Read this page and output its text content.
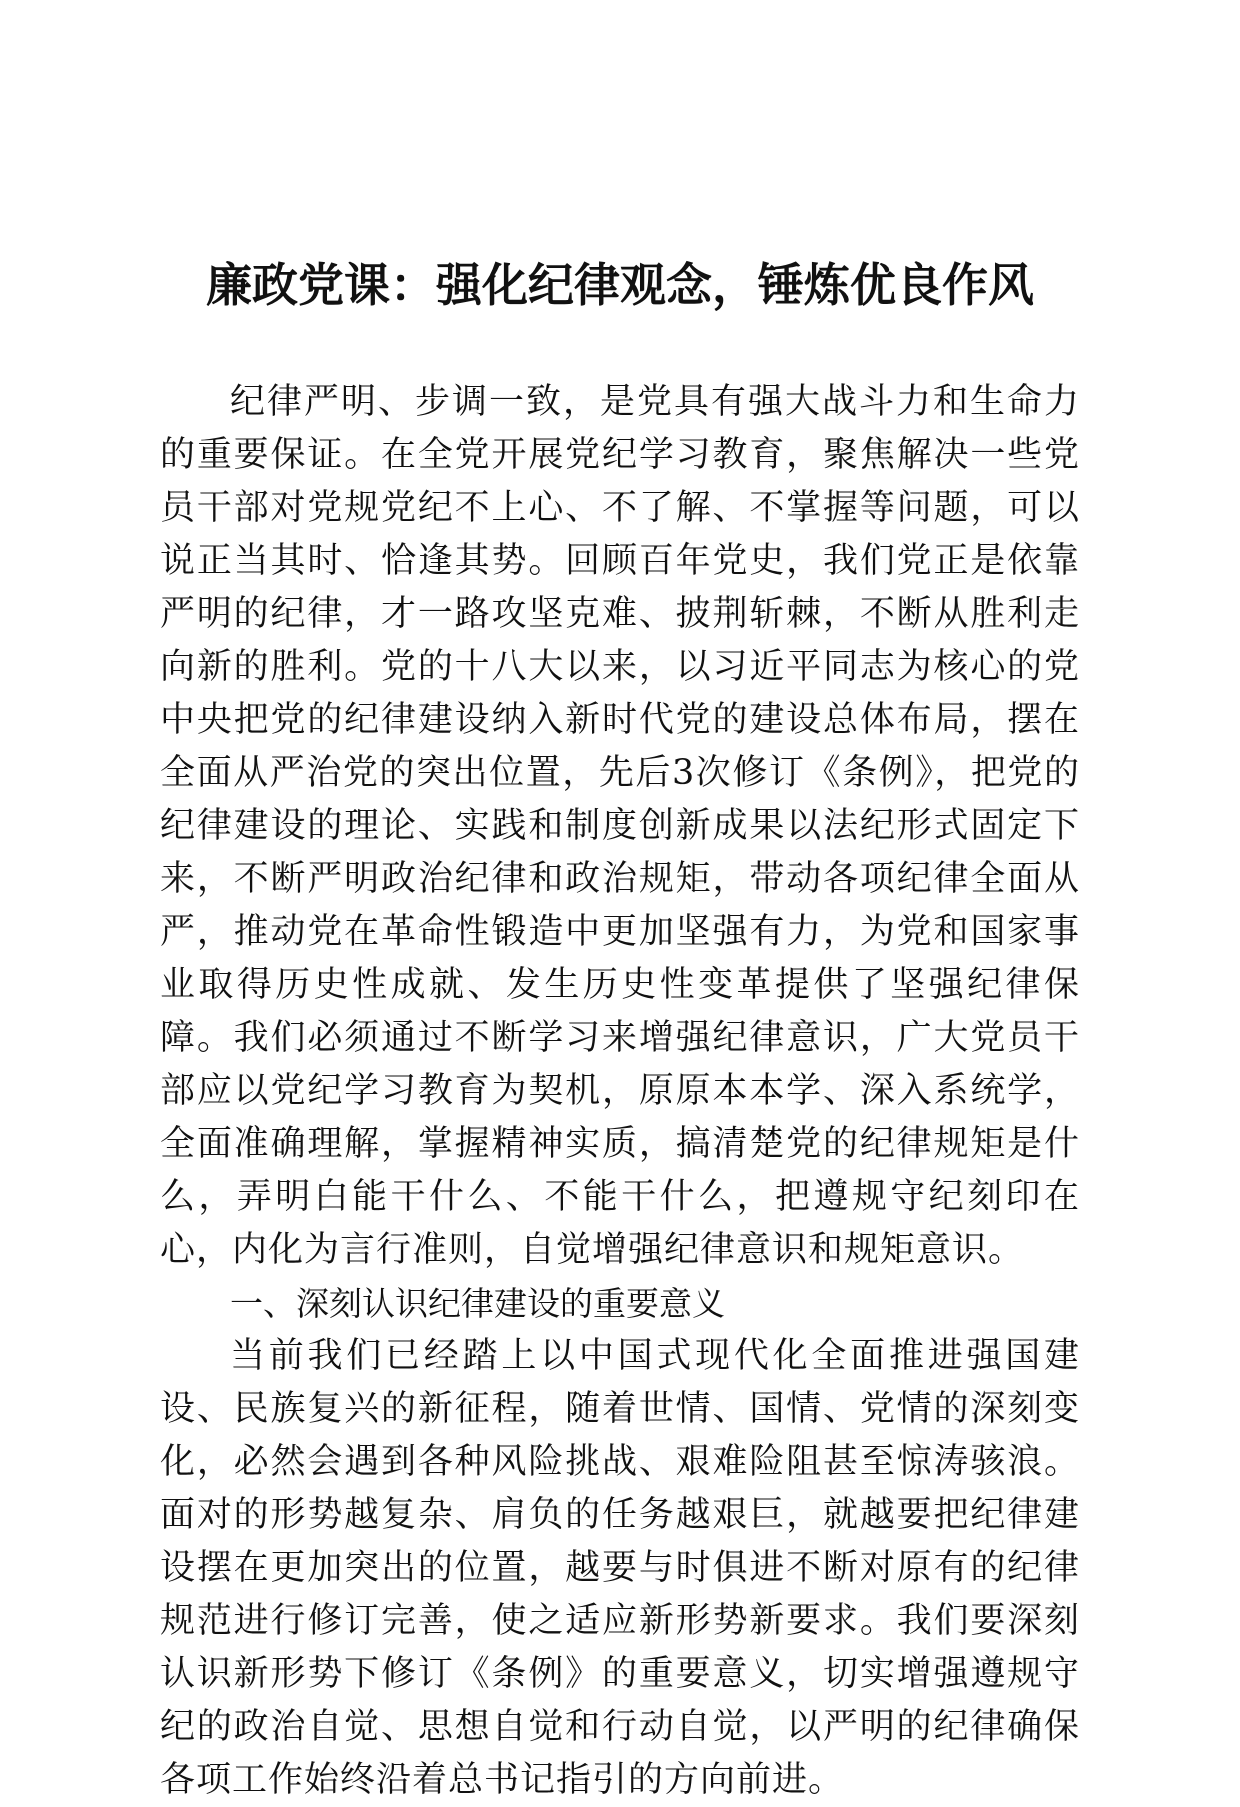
廉政党课：强化纪律观念，锤炼优良作风

纪律严明、步调一致，是党具有强大战斗力和生命力的重要保证。在全党开展党纪学习教育，聚焦解决一些党员干部对党规党纪不上心、不了解、不掌握等问题，可以说正当其时、恰逢其势。回顾百年党史，我们党正是依靠严明的纪律，才一路攻坚克难、披荆斩棘，不断从胜利走向新的胜利。党的十八大以来，以习近平同志为核心的党中央把党的纪律建设纳入新时代党的建设总体布局，摆在全面从严治党的突出位置，先后3次修订《条例》，把党的纪律建设的理论、实践和制度创新成果以法纪形式固定下来，不断严明政治纪律和政治规矩，带动各项纪律全面从严，推动党在革命性锻造中更加坚强有力，为党和国家事业取得历史性成就、发生历史性变革提供了坚强纪律保障。我们必须通过不断学习来增强纪律意识，广大党员干部应以党纪学习教育为契机，原原本本学、深入系统学，全面准确理解，掌握精神实质，搞清楚党的纪律规矩是什么，弄明白能干什么、不能干什么，把遵规守纪刻印在心，内化为言行准则，自觉增强纪律意识和规矩意识。

一、深刻认识纪律建设的重要意义

当前我们已经踏上以中国式现代化全面推进强国建设、民族复兴的新征程，随着世情、国情、党情的深刻变化，必然会遇到各种风险挑战、艰难险阻甚至惊涛骇浪。面对的形势越复杂、肩负的任务越艰巨，就越要把纪律建设摆在更加突出的位置，越要与时俱进不断对原有的纪律规范进行修订完善，使之适应新形势新要求。我们要深刻认识新形势下修订《条例》的重要意义，切实增强遵规守纪的政治自觉、思想自觉和行动自觉，以严明的纪律确保各项工作始终沿着总书记指引的方向前进。
